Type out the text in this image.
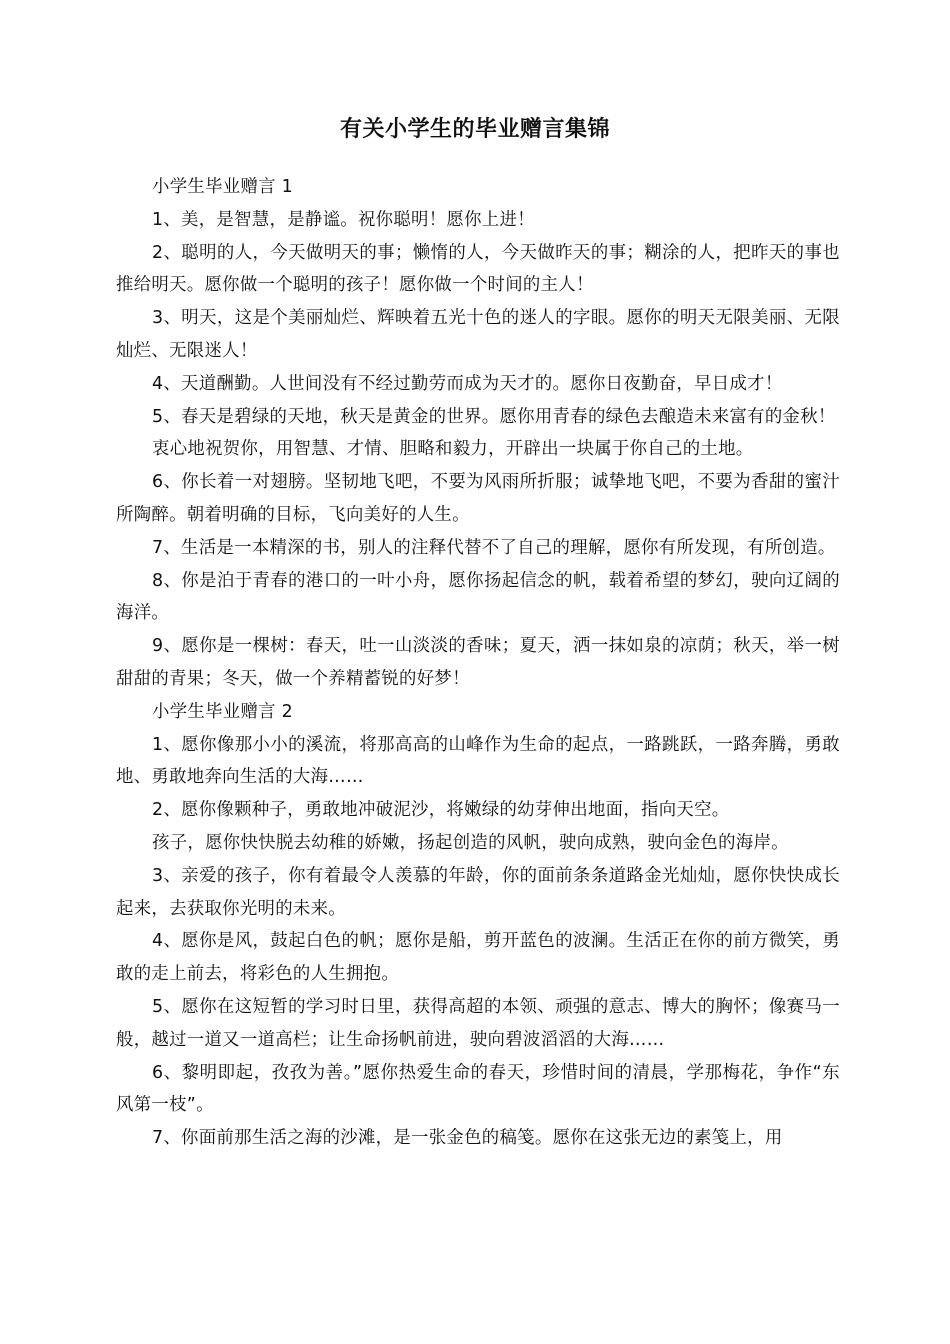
有关小学生的毕业赠言集锦

小学生毕业赠言 1

1、美，是智慧，是静谧。祝你聪明！愿你上进！

2、聪明的人，今天做明天的事；懒惰的人，今天做昨天的事；糊涂的人，把昨天的事也推给明天。愿你做一个聪明的孩子！愿你做一个时间的主人！

3、明天，这是个美丽灿烂、辉映着五光十色的迷人的字眼。愿你的明天无限美丽、无限灿烂、无限迷人！

4、天道酬勤。人世间没有不经过勤劳而成为天才的。愿你日夜勤奋，早日成才！

5、春天是碧绿的天地，秋天是黄金的世界。愿你用青春的绿色去酿造未来富有的金秋！

衷心地祝贺你，用智慧、才情、胆略和毅力，开辟出一块属于你自己的土地。

6、你长着一对翅膀。坚韧地飞吧，不要为风雨所折服；诚挚地飞吧，不要为香甜的蜜汁所陶醉。朝着明确的目标，飞向美好的人生。

7、生活是一本精深的书，别人的注释代替不了自己的理解，愿你有所发现，有所创造。

8、你是泊于青春的港口的一叶小舟，愿你扬起信念的帆，载着希望的梦幻，驶向辽阔的海洋。

9、愿你是一棵树：春天，吐一山淡淡的香味；夏天，洒一抹如泉的凉荫；秋天，举一树甜甜的青果；冬天，做一个养精蓄锐的好梦！

小学生毕业赠言 2

1、愿你像那小小的溪流，将那高高的山峰作为生命的起点，一路跳跃，一路奔腾，勇敢地、勇敢地奔向生活的大海……

2、愿你像颗种子，勇敢地冲破泥沙，将嫩绿的幼芽伸出地面，指向天空。

孩子，愿你快快脱去幼稚的娇嫩，扬起创造的风帆，驶向成熟，驶向金色的海岸。

3、亲爱的孩子，你有着最令人羡慕的年龄，你的面前条条道路金光灿灿，愿你快快成长起来，去获取你光明的未来。

4、愿你是风，鼓起白色的帆；愿你是船，剪开蓝色的波澜。生活正在你的前方微笑，勇敢的走上前去，将彩色的人生拥抱。

5、愿你在这短暂的学习时日里，获得高超的本领、顽强的意志、博大的胸怀；像赛马一般，越过一道又一道高栏；让生命扬帆前进，驶向碧波滔滔的大海……

6、黎明即起，孜孜为善。”愿你热爱生命的春天，珍惜时间的清晨，学那梅花，争作“东风第一枝”。

7、你面前那生活之海的沙滩，是一张金色的稿笺。愿你在这张无边的素笺上，用
